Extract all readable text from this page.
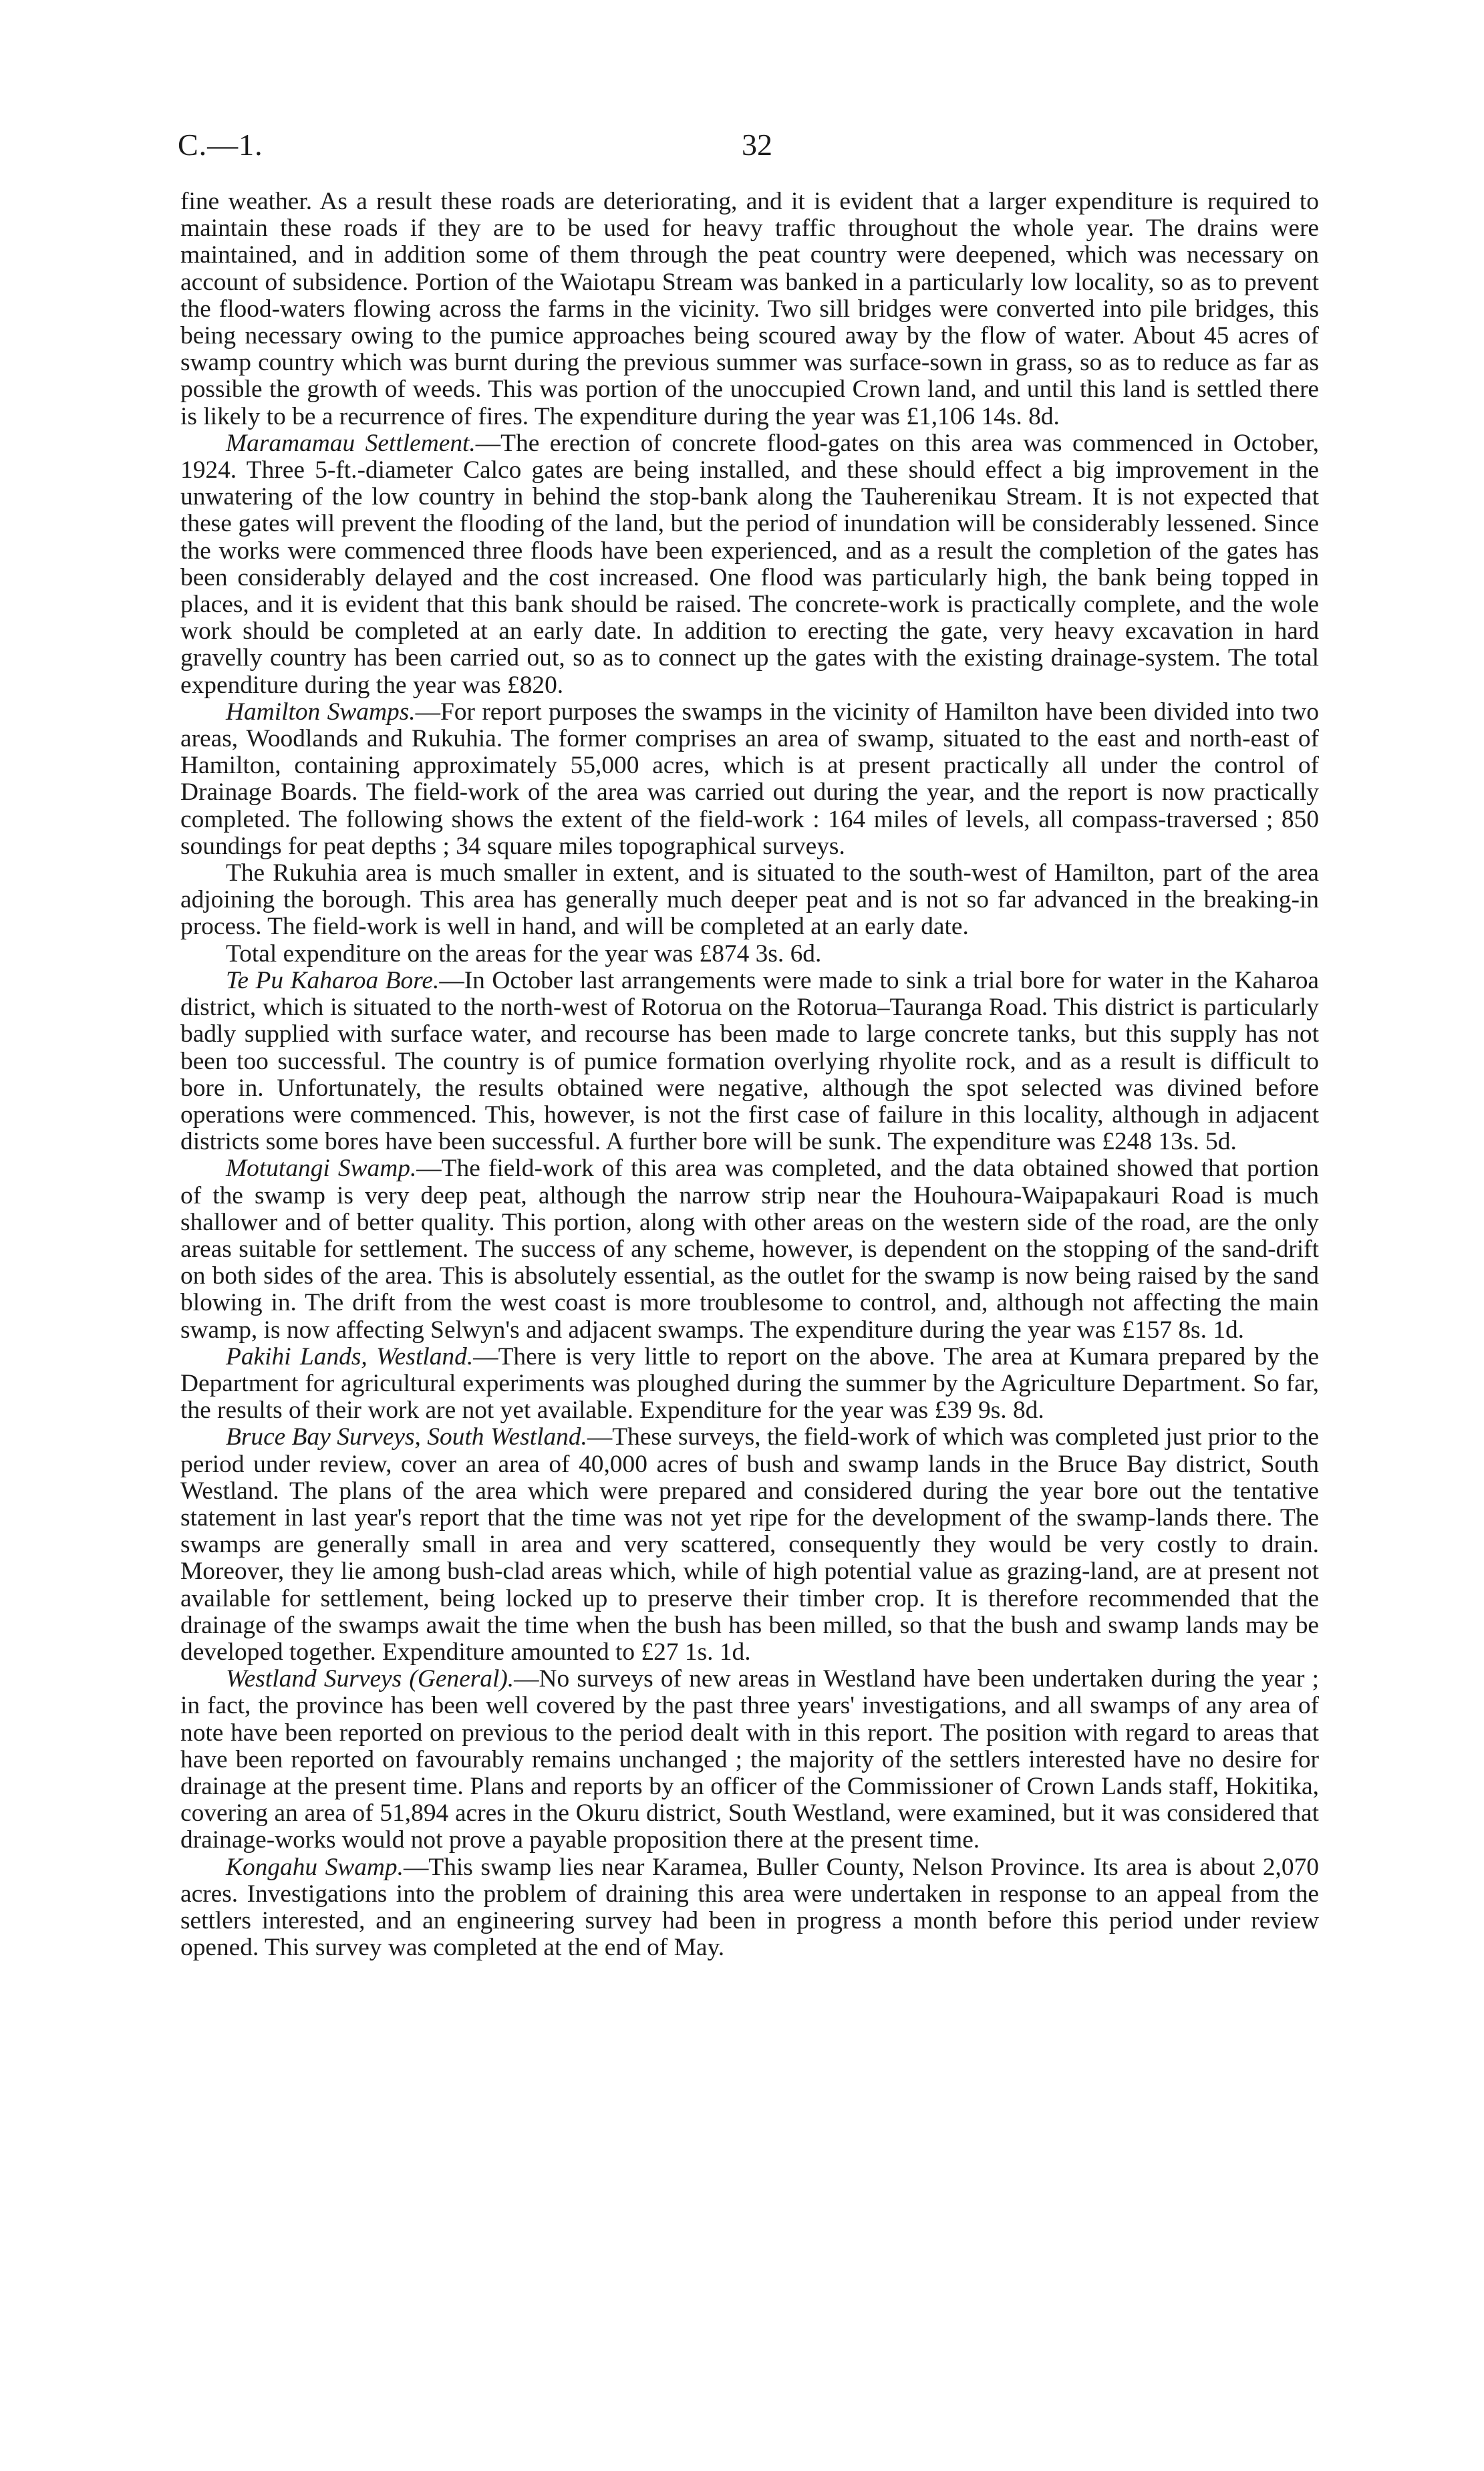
C.—1.	32

fine weather. As a result these roads are deteriorating, and it is evident that a larger expenditure is required to maintain these roads if they are to be used for heavy traffic throughout the whole year. The drains were maintained, and in addition some of them through the peat country were deepened, which was necessary on account of subsidence. Portion of the Waiotapu Stream was banked in a particularly low locality, so as to prevent the flood-waters flowing across the farms in the vicinity. Two sill bridges were converted into pile bridges, this being necessary owing to the pumice approaches being scoured away by the flow of water. About 45 acres of swamp country which was burnt during the previous summer was surface-sown in grass, so as to reduce as far as possible the growth of weeds. This was portion of the unoccupied Crown land, and until this land is settled there is likely to be a recurrence of fires. The expenditure during the year was £1,106 14s. 8d.

Maramamau Settlement.—The erection of concrete flood-gates on this area was commenced in October, 1924. Three 5-ft.-diameter Calco gates are being installed, and these should effect a big improvement in the unwatering of the low country in behind the stop-bank along the Tauherenikau Stream. It is not expected that these gates will prevent the flooding of the land, but the period of inundation will be considerably lessened. Since the works were commenced three floods have been experienced, and as a result the completion of the gates has been considerably delayed and the cost increased. One flood was particularly high, the bank being topped in places, and it is evident that this bank should be raised. The concrete-work is practically complete, and the wole work should be completed at an early date. In addition to erecting the gate, very heavy excavation in hard gravelly country has been carried out, so as to connect up the gates with the existing drainage-system. The total expenditure during the year was £820.

Hamilton Swamps.—For report purposes the swamps in the vicinity of Hamilton have been divided into two areas, Woodlands and Rukuhia. The former comprises an area of swamp, situated to the east and north-east of Hamilton, containing approximately 55,000 acres, which is at present practically all under the control of Drainage Boards. The field-work of the area was carried out during the year, and the report is now practically completed. The following shows the extent of the field-work : 164 miles of levels, all compass-traversed ; 850 soundings for peat depths ; 34 square miles topographical surveys.

The Rukuhia area is much smaller in extent, and is situated to the south-west of Hamilton, part of the area adjoining the borough. This area has generally much deeper peat and is not so far advanced in the breaking-in process. The field-work is well in hand, and will be completed at an early date.

Total expenditure on the areas for the year was £874 3s. 6d.

Te Pu Kaharoa Bore.—In October last arrangements were made to sink a trial bore for water in the Kaharoa district, which is situated to the north-west of Rotorua on the Rotorua–Tauranga Road. This district is particularly badly supplied with surface water, and recourse has been made to large concrete tanks, but this supply has not been too successful. The country is of pumice formation overlying rhyolite rock, and as a result is difficult to bore in. Unfortunately, the results obtained were negative, although the spot selected was divined before operations were commenced. This, however, is not the first case of failure in this locality, although in adjacent districts some bores have been successful. A further bore will be sunk. The expenditure was £248 13s. 5d.

Motutangi Swamp.—The field-work of this area was completed, and the data obtained showed that portion of the swamp is very deep peat, although the narrow strip near the Houhoura-Waipapakauri Road is much shallower and of better quality. This portion, along with other areas on the western side of the road, are the only areas suitable for settlement. The success of any scheme, however, is dependent on the stopping of the sand-drift on both sides of the area. This is absolutely essential, as the outlet for the swamp is now being raised by the sand blowing in. The drift from the west coast is more troublesome to control, and, although not affecting the main swamp, is now affecting Selwyn's and adjacent swamps. The expenditure during the year was £157 8s. 1d.

Pakihi Lands, Westland.—There is very little to report on the above. The area at Kumara prepared by the Department for agricultural experiments was ploughed during the summer by the Agriculture Department. So far, the results of their work are not yet available. Expenditure for the year was £39 9s. 8d.

Bruce Bay Surveys, South Westland.—These surveys, the field-work of which was completed just prior to the period under review, cover an area of 40,000 acres of bush and swamp lands in the Bruce Bay district, South Westland. The plans of the area which were prepared and considered during the year bore out the tentative statement in last year's report that the time was not yet ripe for the development of the swamp-lands there. The swamps are generally small in area and very scattered, consequently they would be very costly to drain. Moreover, they lie among bush-clad areas which, while of high potential value as grazing-land, are at present not available for settlement, being locked up to preserve their timber crop. It is therefore recommended that the drainage of the swamps await the time when the bush has been milled, so that the bush and swamp lands may be developed together. Expenditure amounted to £27 1s. 1d.

Westland Surveys (General).—No surveys of new areas in Westland have been undertaken during the year ; in fact, the province has been well covered by the past three years' investigations, and all swamps of any area of note have been reported on previous to the period dealt with in this report. The position with regard to areas that have been reported on favourably remains unchanged ; the majority of the settlers interested have no desire for drainage at the present time. Plans and reports by an officer of the Commissioner of Crown Lands staff, Hokitika, covering an area of 51,894 acres in the Okuru district, South Westland, were examined, but it was considered that drainage-works would not prove a payable proposition there at the present time.

Kongahu Swamp.—This swamp lies near Karamea, Buller County, Nelson Province. Its area is about 2,070 acres. Investigations into the problem of draining this area were undertaken in response to an appeal from the settlers interested, and an engineering survey had been in progress a month before this period under review opened. This survey was completed at the end of May.
